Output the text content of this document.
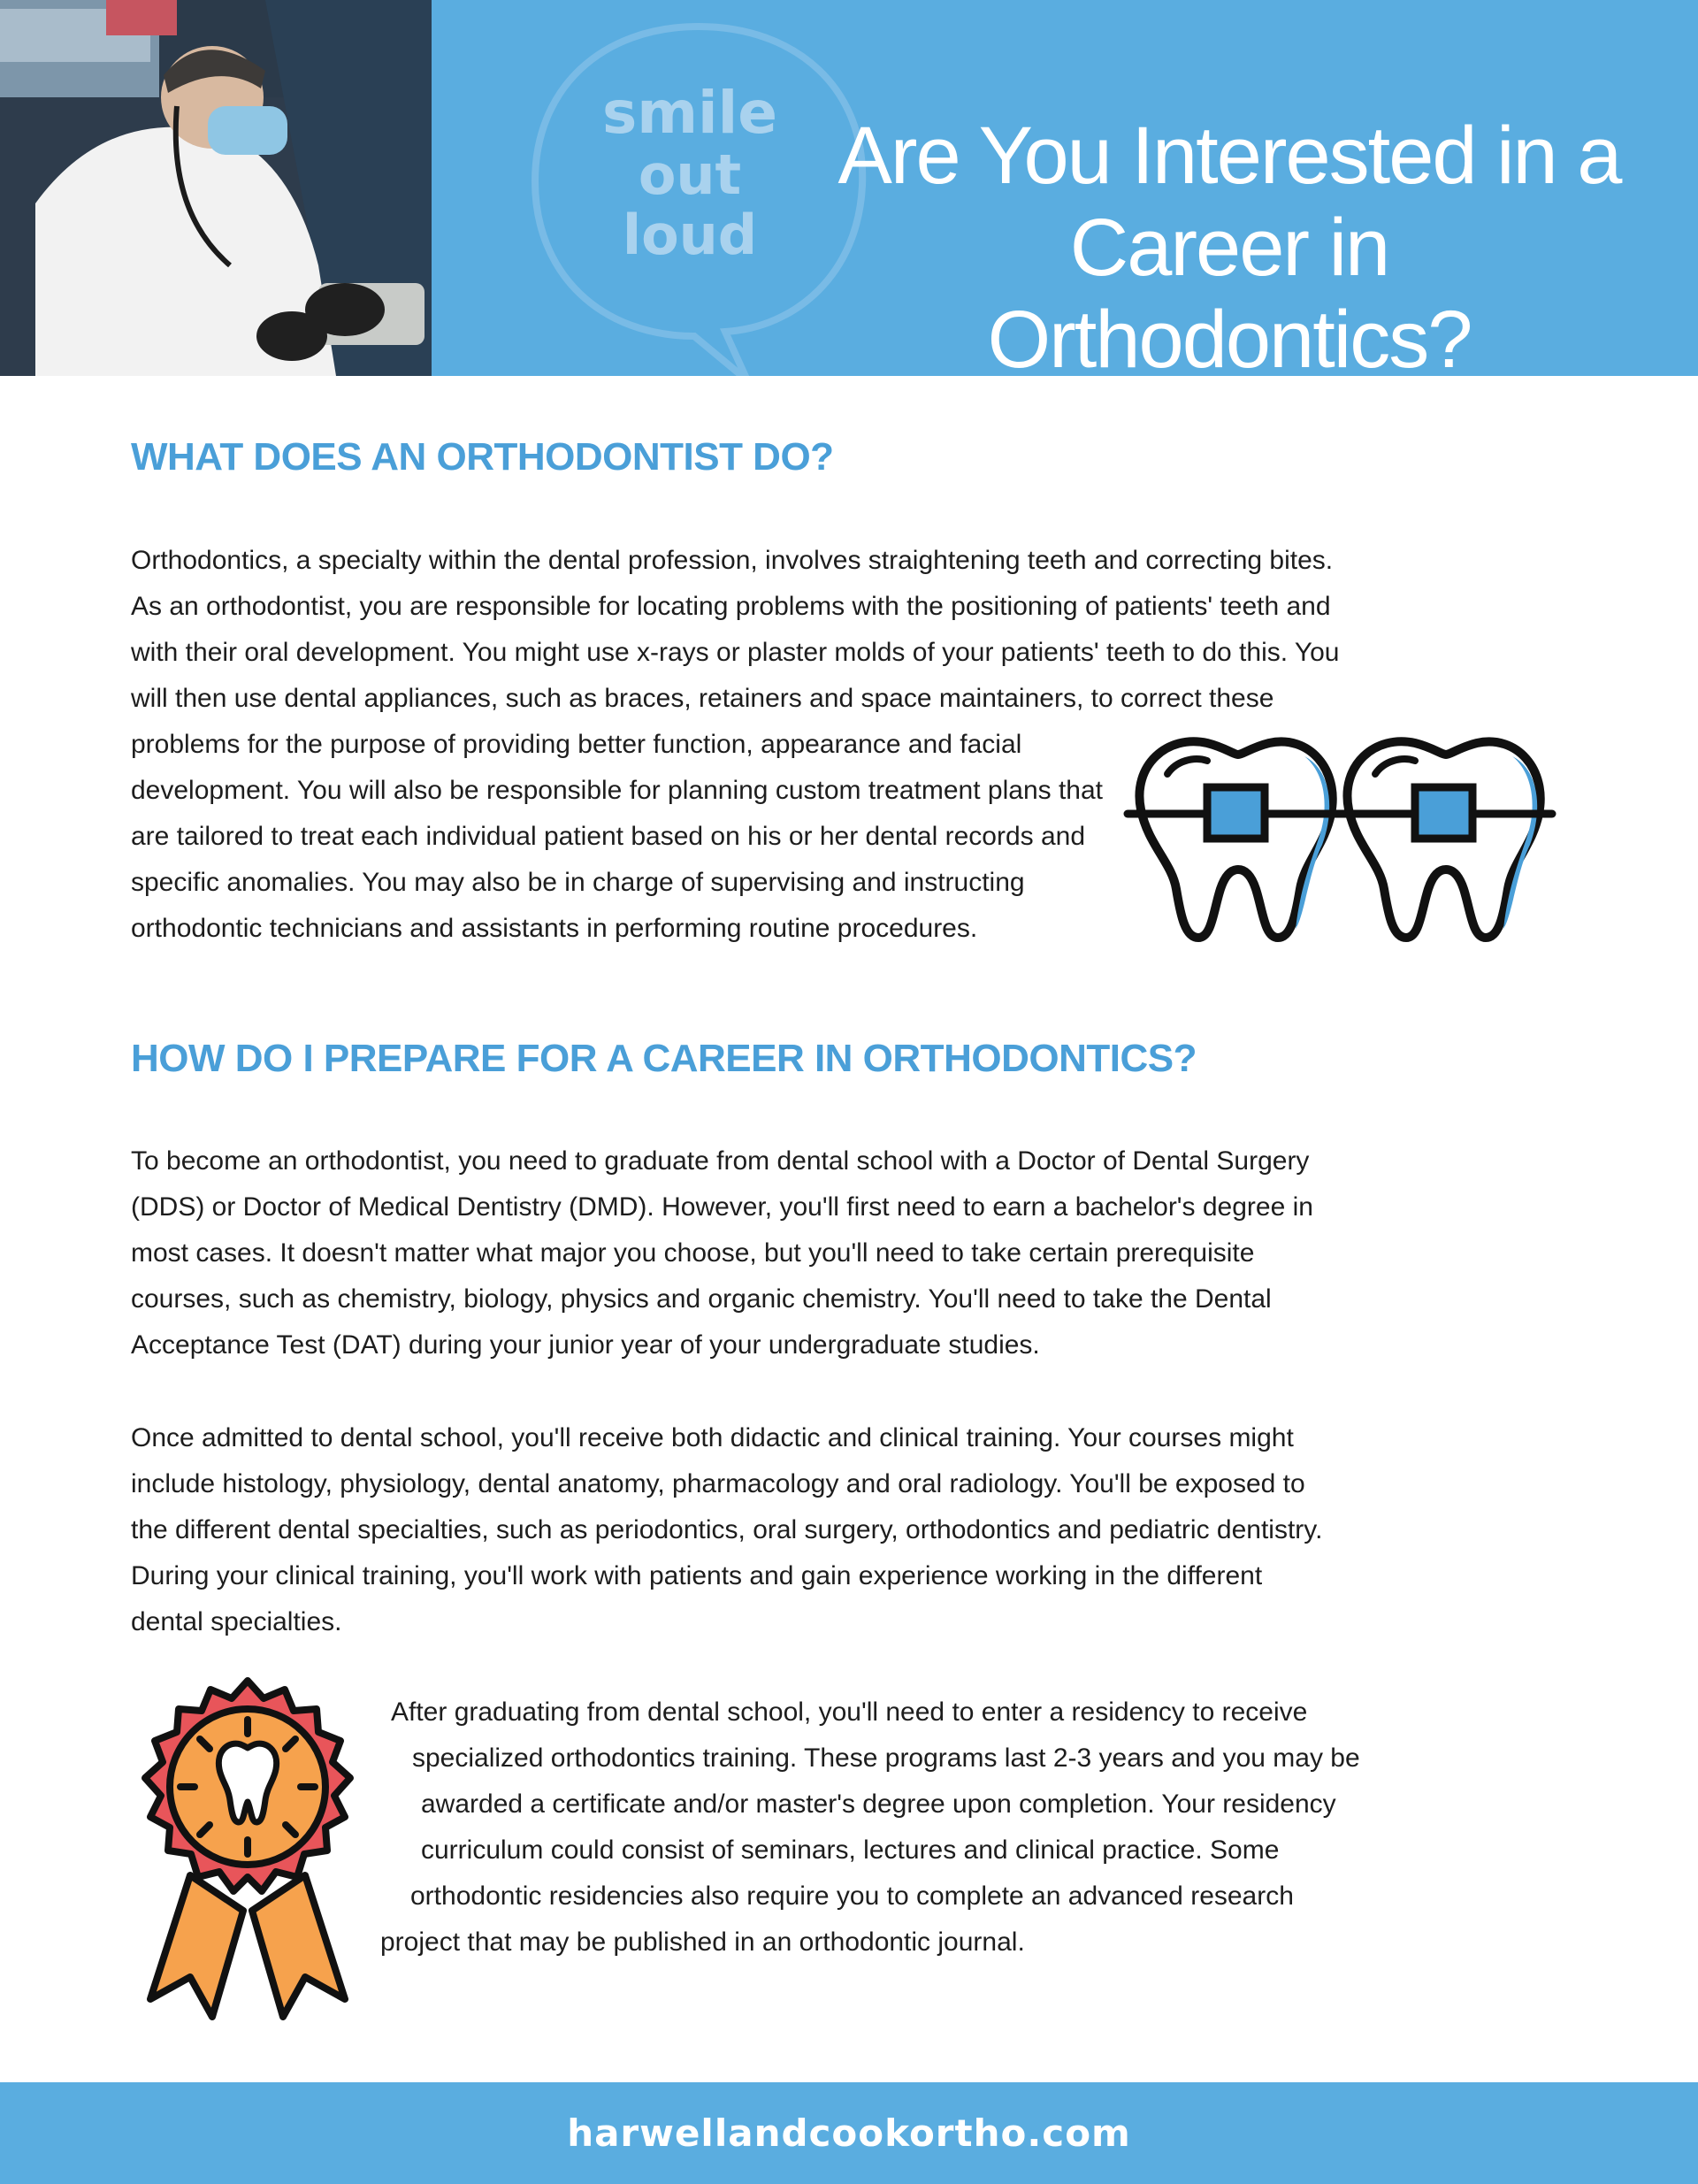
smile
out
loud
Are You Interested in a
Career in Orthodontics?
WHAT DOES AN ORTHODONTIST DO?
Orthodontics, a specialty within the dental profession, involves straightening teeth and correcting bites.
As an orthodontist, you are responsible for locating problems with the positioning of patients' teeth and
with their oral development. You might use x-rays or plaster molds of your patients' teeth to do this. You
will then use dental appliances, such as braces, retainers and space maintainers, to correct these
problems for the purpose of providing better function, appearance and facial
development. You will also be responsible for planning custom treatment plans that
are tailored to treat each individual patient based on his or her dental records and
specific anomalies. You may also be in charge of supervising and instructing
orthodontic technicians and assistants in performing routine procedures.
HOW DO I PREPARE FOR A CAREER IN ORTHODONTICS?
To become an orthodontist, you need to graduate from dental school with a Doctor of Dental Surgery
(DDS) or Doctor of Medical Dentistry (DMD). However, you'll first need to earn a bachelor's degree in
most cases. It doesn't matter what major you choose, but you'll need to take certain prerequisite
courses, such as chemistry, biology, physics and organic chemistry. You'll need to take the Dental
Acceptance Test (DAT) during your junior year of your undergraduate studies.
Once admitted to dental school, you'll receive both didactic and clinical training. Your courses might
include histology, physiology, dental anatomy, pharmacology and oral radiology. You'll be exposed to
the different dental specialties, such as periodontics, oral surgery, orthodontics and pediatric dentistry.
During your clinical training, you'll work with patients and gain experience working in the different
dental specialties.
After graduating from dental school, you'll need to enter a residency to receive
specialized orthodontics training. These programs last 2-3 years and you may be
awarded a certificate and/or master's degree upon completion. Your residency
curriculum could consist of seminars, lectures and clinical practice. Some
orthodontic residencies also require you to complete an advanced research
project that may be published in an orthodontic journal.
harwellandcookortho.com
